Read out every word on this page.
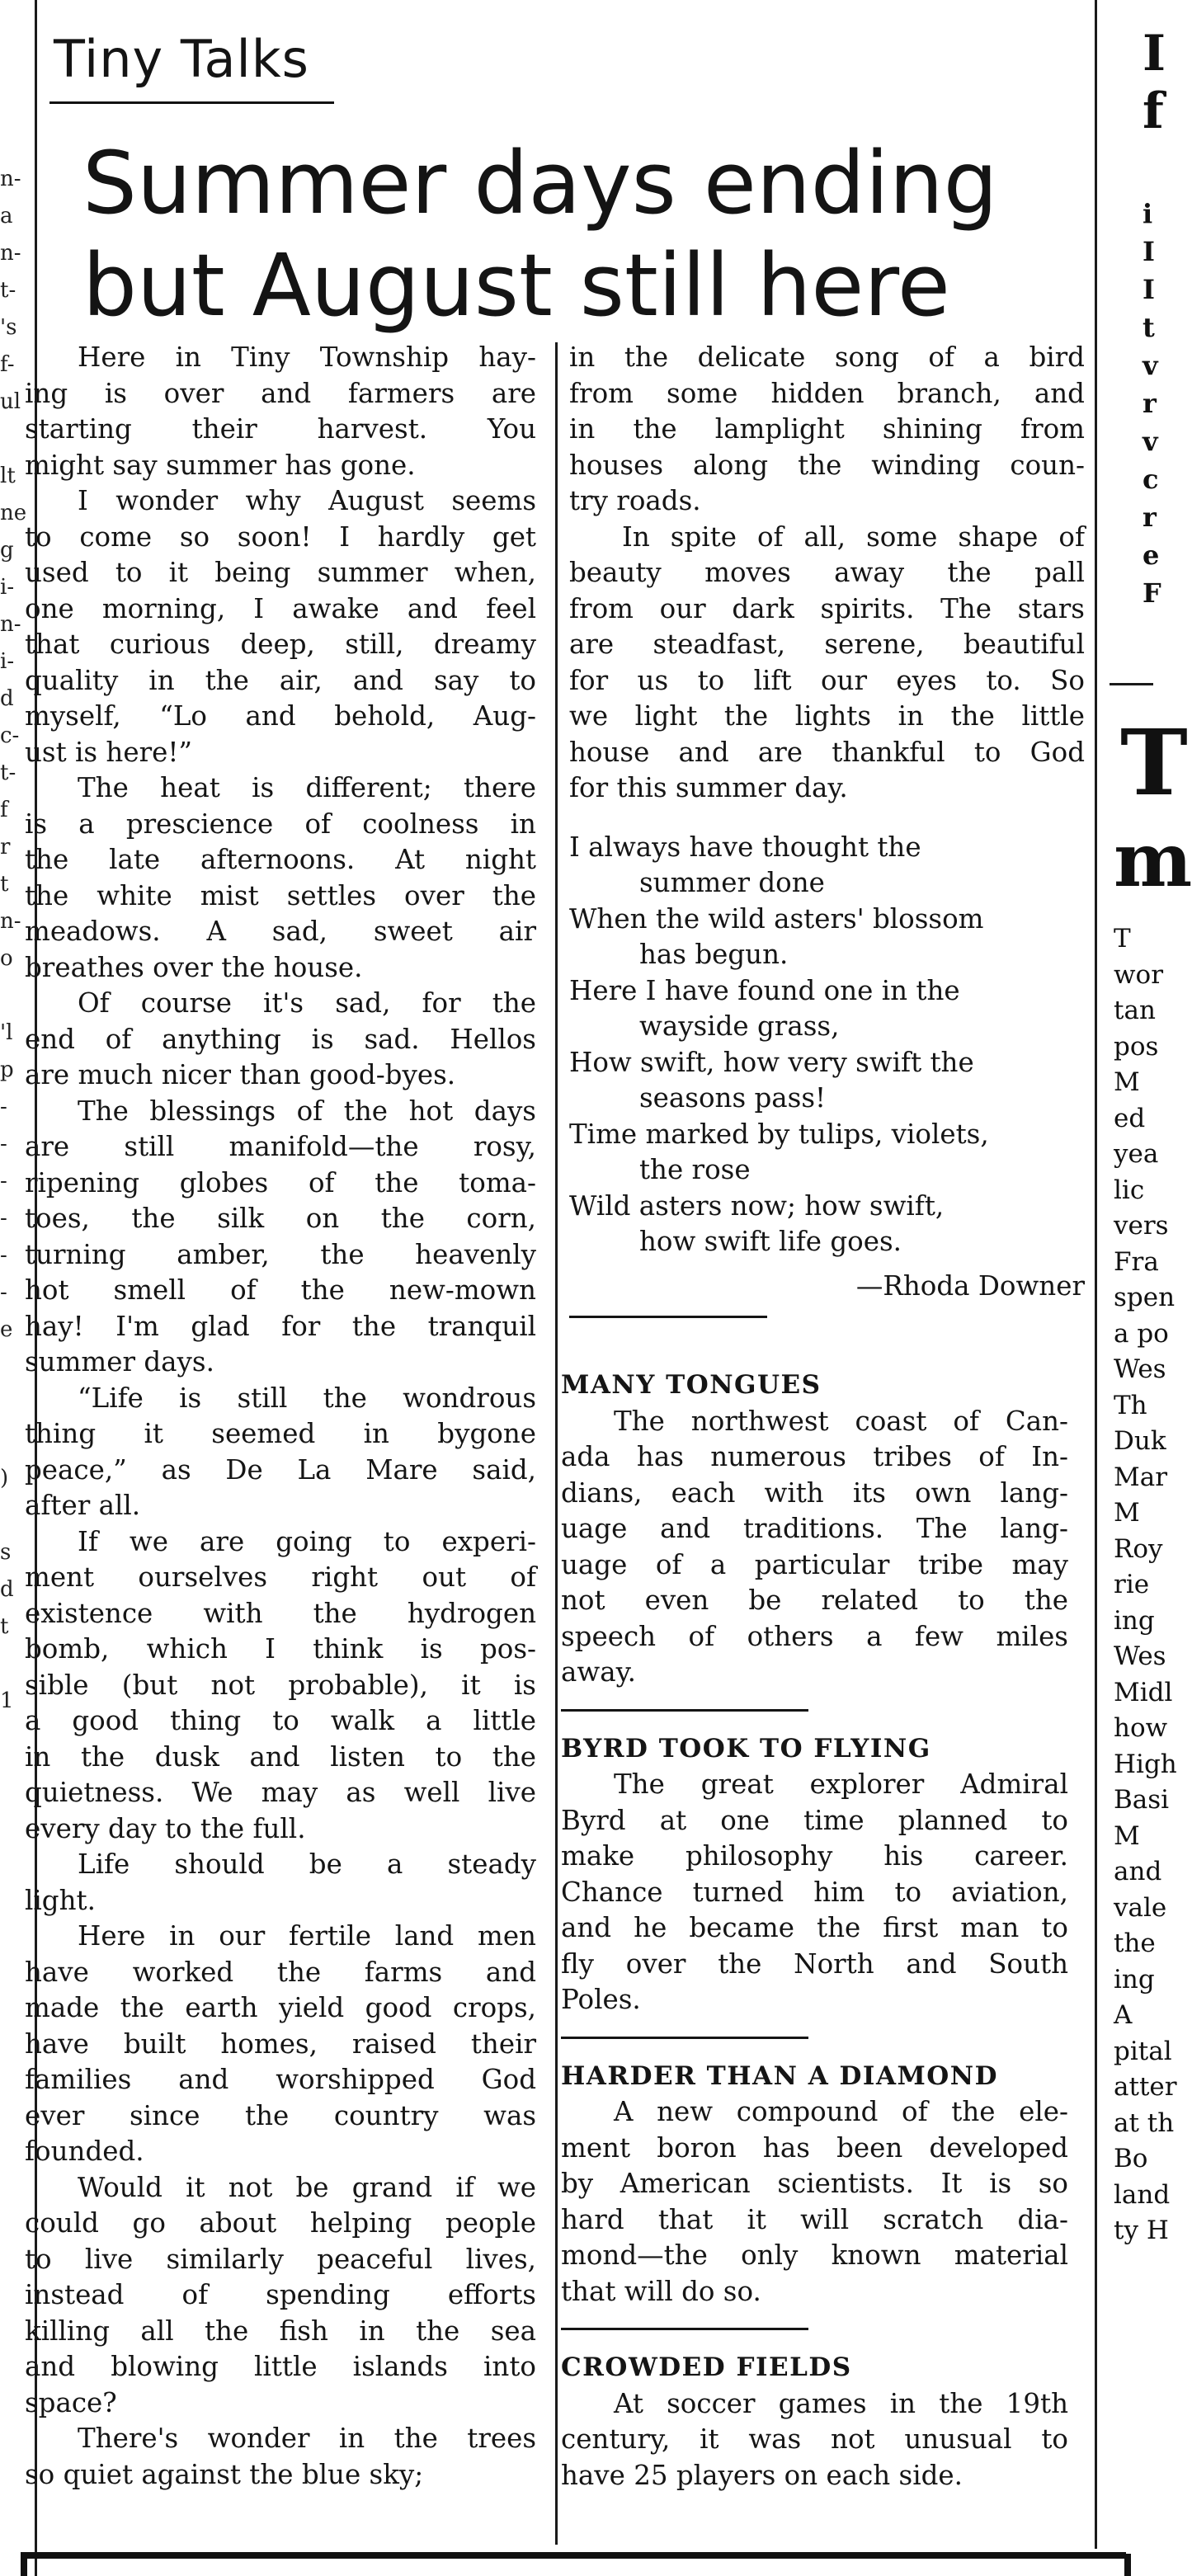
n-
a
n-
t-
's
f-
ul
lt
ne
g
i-
n-
i-
d
c-
t-
f
r
t
n-
o
'l
p
-
-
-
-
-
-
e
)
s
d
t
1
I
f
i
I
I
t
v
r
v
c
r
e
F
T
m
T
wor
tan
pos
M
ed
yea
lic
vers
Fra
spen
a po
Wes
Th
Duk
Mar
M
Roy
rie
ing
Wes
Midl
how
High
Basi
M
and
vale
the
ing
A
pital
atter
at th
Bo
land
ty H
Tiny Talks
Summer days ending
but August still here
Here in Tiny Township hay-
ing is over and farmers are
starting their harvest. You
might say summer has gone.
I wonder why August seems
to come so soon! I hardly get
used to it being summer when,
one morning, I awake and feel
that curious deep, still, dreamy
quality in the air, and say to
myself, “Lo and behold, Aug-
ust is here!”
The heat is different; there
is a prescience of coolness in
the late afternoons. At night
the white mist settles over the
meadows. A sad, sweet air
breathes over the house.
Of course it's sad, for the
end of anything is sad. Hellos
are much nicer than good-byes.
The blessings of the hot days
are still manifold—the rosy,
ripening globes of the toma-
toes, the silk on the corn,
turning amber, the heavenly
hot smell of the new-mown
hay! I'm glad for the tranquil
summer days.
“Life is still the wondrous
thing it seemed in bygone
peace,” as De La Mare said,
after all.
If we are going to experi-
ment ourselves right out of
existence with the hydrogen
bomb, which I think is pos-
sible (but not probable), it is
a good thing to walk a little
in the dusk and listen to the
quietness. We may as well live
every day to the full.
Life should be a steady
light.
Here in our fertile land men
have worked the farms and
made the earth yield good crops,
have built homes, raised their
families and worshipped God
ever since the country was
founded.
Would it not be grand if we
could go about helping people
to live similarly peaceful lives,
instead of spending efforts
killing all the fish in the sea
and blowing little islands into
space?
There's wonder in the trees
so quiet against the blue sky;
in the delicate song of a bird
from some hidden branch, and
in the lamplight shining from
houses along the winding coun-
try roads.
In spite of all, some shape of
beauty moves away the pall
from our dark spirits. The stars
are steadfast, serene, beautiful
for us to lift our eyes to. So
we light the lights in the little
house and are thankful to God
for this summer day.
I always have thought the
summer done
When the wild asters' blossom
has begun.
Here I have found one in the
wayside grass,
How swift, how very swift the
seasons pass!
Time marked by tulips, violets,
the rose
Wild asters now; how swift,
how swift life goes.
—Rhoda Downer
MANY TONGUES
The northwest coast of Can-
ada has numerous tribes of In-
dians, each with its own lang-
uage and traditions. The lang-
uage of a particular tribe may
not even be related to the
speech of others a few miles
away.
BYRD TOOK TO FLYING
The great explorer Admiral
Byrd at one time planned to
make philosophy his career.
Chance turned him to aviation,
and he became the first man to
fly over the North and South
Poles.
HARDER THAN A DIAMOND
A new compound of the ele-
ment boron has been developed
by American scientists. It is so
hard that it will scratch dia-
mond—the only known material
that will do so.
CROWDED FIELDS
At soccer games in the 19th
century, it was not unusual to
have 25 players on each side.
